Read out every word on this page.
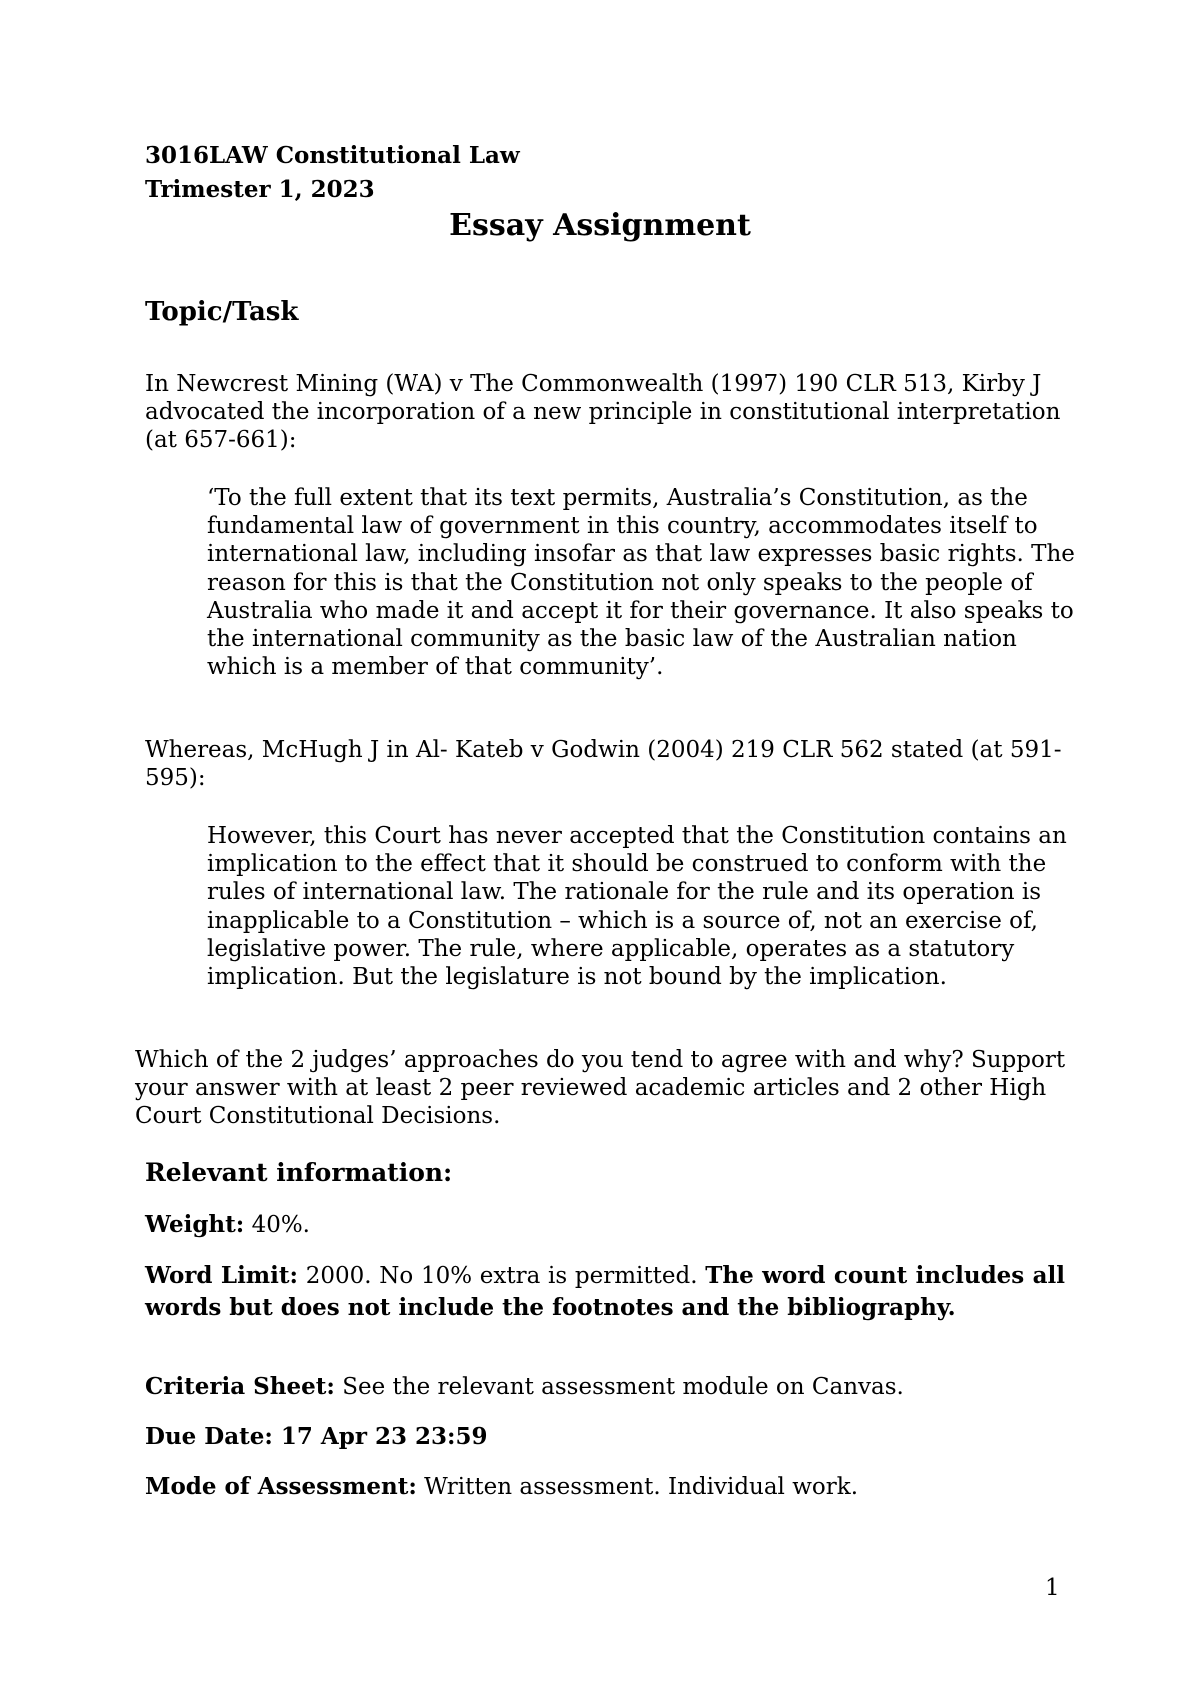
3016LAW Constitutional Law

Trimester 1, 2023

Essay Assignment
Topic/Task

In Newcrest Mining (WA) v The Commonwealth (1997) 190 CLR 513, Kirby J advocated the incorporation of a new principle in constitutional interpretation (at 657-661):

‘To the full extent that its text permits, Australia’s Constitution, as the fundamental law of government in this country, accommodates itself to international law, including insofar as that law expresses basic rights. The reason for this is that the Constitution not only speaks to the people of Australia who made it and accept it for their governance. It also speaks to the international community as the basic law of the Australian nation which is a member of that community’.

Whereas, McHugh J in Al- Kateb v Godwin (2004) 219 CLR 562 stated (at 591-595):

However, this Court has never accepted that the Constitution contains an implication to the effect that it should be construed to conform with the rules of international law. The rationale for the rule and its operation is inapplicable to a Constitution – which is a source of, not an exercise of, legislative power. The rule, where applicable, operates as a statutory implication. But the legislature is not bound by the implication.

Which of the 2 judges’ approaches do you tend to agree with and why? Support your answer with at least 2 peer reviewed academic articles and 2 other High Court Constitutional Decisions.

Relevant information:

Weight: 40%.

Word Limit: 2000. No 10% extra is permitted. The word count includes all words but does not include the footnotes and the bibliography.

Criteria Sheet: See the relevant assessment module on Canvas.

Due Date: 17 Apr 23 23:59

Mode of Assessment: Written assessment. Individual work.

1
